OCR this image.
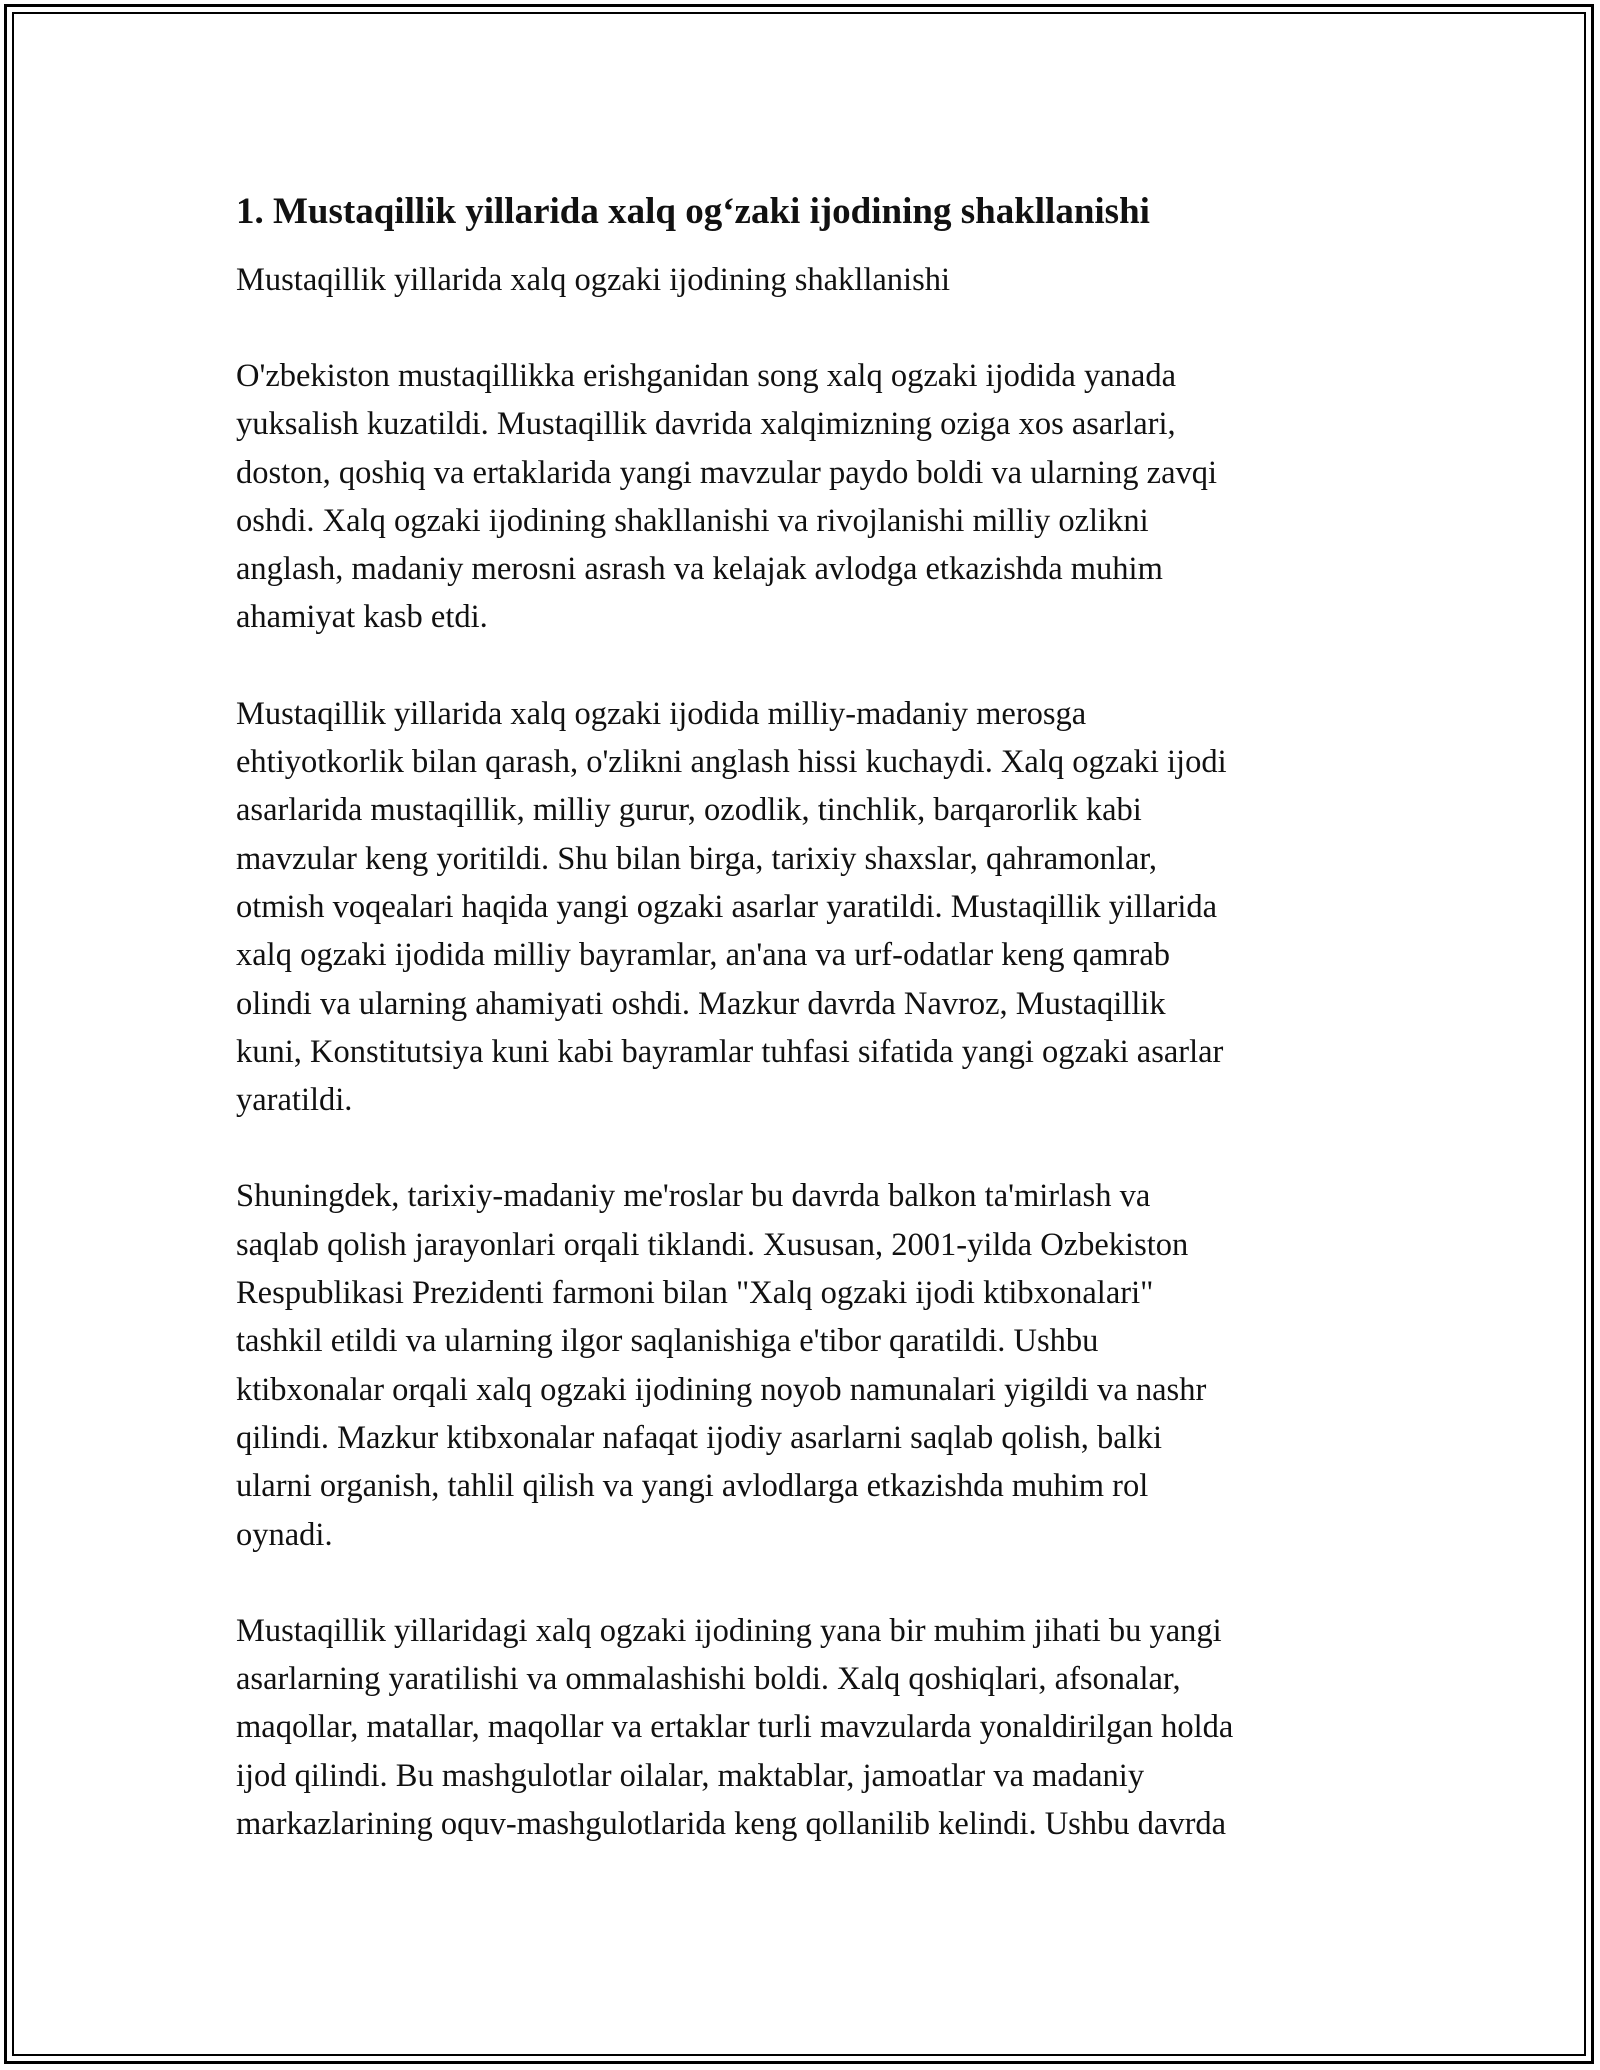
1. Mustaqillik yillarida xalq og‘zaki ijodining shakllanishi

Mustaqillik yillarida xalq ogzaki ijodining shakllanishi

O'zbekiston mustaqillikka erishganidan song xalq ogzaki ijodida yanada
yuksalish kuzatildi. Mustaqillik davrida xalqimizning oziga xos asarlari,
doston, qoshiq va ertaklarida yangi mavzular paydo boldi va ularning zavqi
oshdi. Xalq ogzaki ijodining shakllanishi va rivojlanishi milliy ozlikni
anglash, madaniy merosni asrash va kelajak avlodga etkazishda muhim
ahamiyat kasb etdi.

Mustaqillik yillarida xalq ogzaki ijodida milliy-madaniy merosga
ehtiyotkorlik bilan qarash, o'zlikni anglash hissi kuchaydi. Xalq ogzaki ijodi
asarlarida mustaqillik, milliy gurur, ozodlik, tinchlik, barqarorlik kabi
mavzular keng yoritildi. Shu bilan birga, tarixiy shaxslar, qahramonlar,
otmish voqealari haqida yangi ogzaki asarlar yaratildi. Mustaqillik yillarida
xalq ogzaki ijodida milliy bayramlar, an'ana va urf-odatlar keng qamrab
olindi va ularning ahamiyati oshdi. Mazkur davrda Navroz, Mustaqillik
kuni, Konstitutsiya kuni kabi bayramlar tuhfasi sifatida yangi ogzaki asarlar
yaratildi.

Shuningdek, tarixiy-madaniy me'roslar bu davrda balkon ta'mirlash va
saqlab qolish jarayonlari orqali tiklandi. Xususan, 2001-yilda Ozbekiston
Respublikasi Prezidenti farmoni bilan "Xalq ogzaki ijodi ktibxonalari"
tashkil etildi va ularning ilgor saqlanishiga e'tibor qaratildi. Ushbu
ktibxonalar orqali xalq ogzaki ijodining noyob namunalari yigildi va nashr
qilindi. Mazkur ktibxonalar nafaqat ijodiy asarlarni saqlab qolish, balki
ularni organish, tahlil qilish va yangi avlodlarga etkazishda muhim rol
oynadi.

Mustaqillik yillaridagi xalq ogzaki ijodining yana bir muhim jihati bu yangi
asarlarning yaratilishi va ommalashishi boldi. Xalq qoshiqlari, afsonalar,
maqollar, matallar, maqollar va ertaklar turli mavzularda yonaldirilgan holda
ijod qilindi. Bu mashgulotlar oilalar, maktablar, jamoatlar va madaniy
markazlarining oquv-mashgulotlarida keng qollanilib kelindi. Ushbu davrda
